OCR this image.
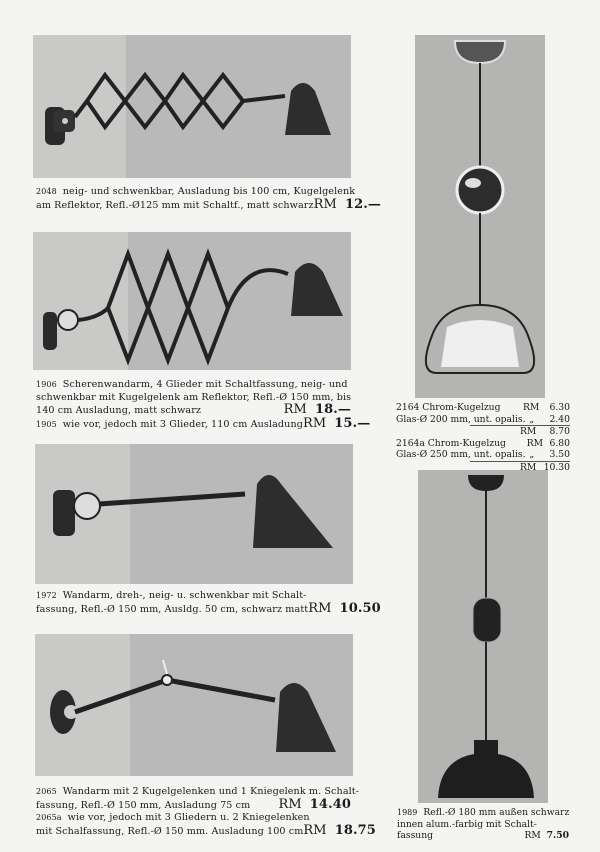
2048 neig- und schwenkbar, Ausladung bis 100 cm, Kugelgelenk
am Reflektor, Refl.-Ø125 mm mit Schaltf., matt schwarz RM 12.—
1906 Scherenwandarm, 4 Glieder mit Schaltfassung, neig- und
schwenkbar mit Kugelgelenk am Reflektor, Refl.-Ø 150 mm, bis
140 cm Ausladung, matt schwarz	RM 18.—
1905 wie vor, jedoch mit 3 Glieder, 110 cm Ausladung RM 15.—
1972 Wandarm, dreh-, neig- u. schwenkbar mit Schalt-
fassung, Refl.-Ø 150 mm, Ausldg. 50 cm, schwarz matt RM 10.50
2065 Wandarm mit 2 Kugelgelenken und 1 Kniegelenk m. Schalt-
fassung, Refl.-Ø 150 mm, Ausladung 75 cm RM 14.40
2065a wie vor, jedoch mit 3 Gliedern u. 2 Kniegelenken
mit Schalfassung, Refl.-Ø 150 mm. Ausladung 100 cm RM 18.75
2164 Chrom-Kugelzug RM	6.30
Glas-Ø 200 mm, unt. opalis. „	2.40
RM	8.70
2164a Chrom-Kugelzug RM 6.80
Glas-Ø 250 mm, unt. opalis. „	3.50
RM 10.30
1989 Refl.-Ø 180 mm außen schwarz
innen alum.-farbig mit Schalt-
fassung	RM 7.50
